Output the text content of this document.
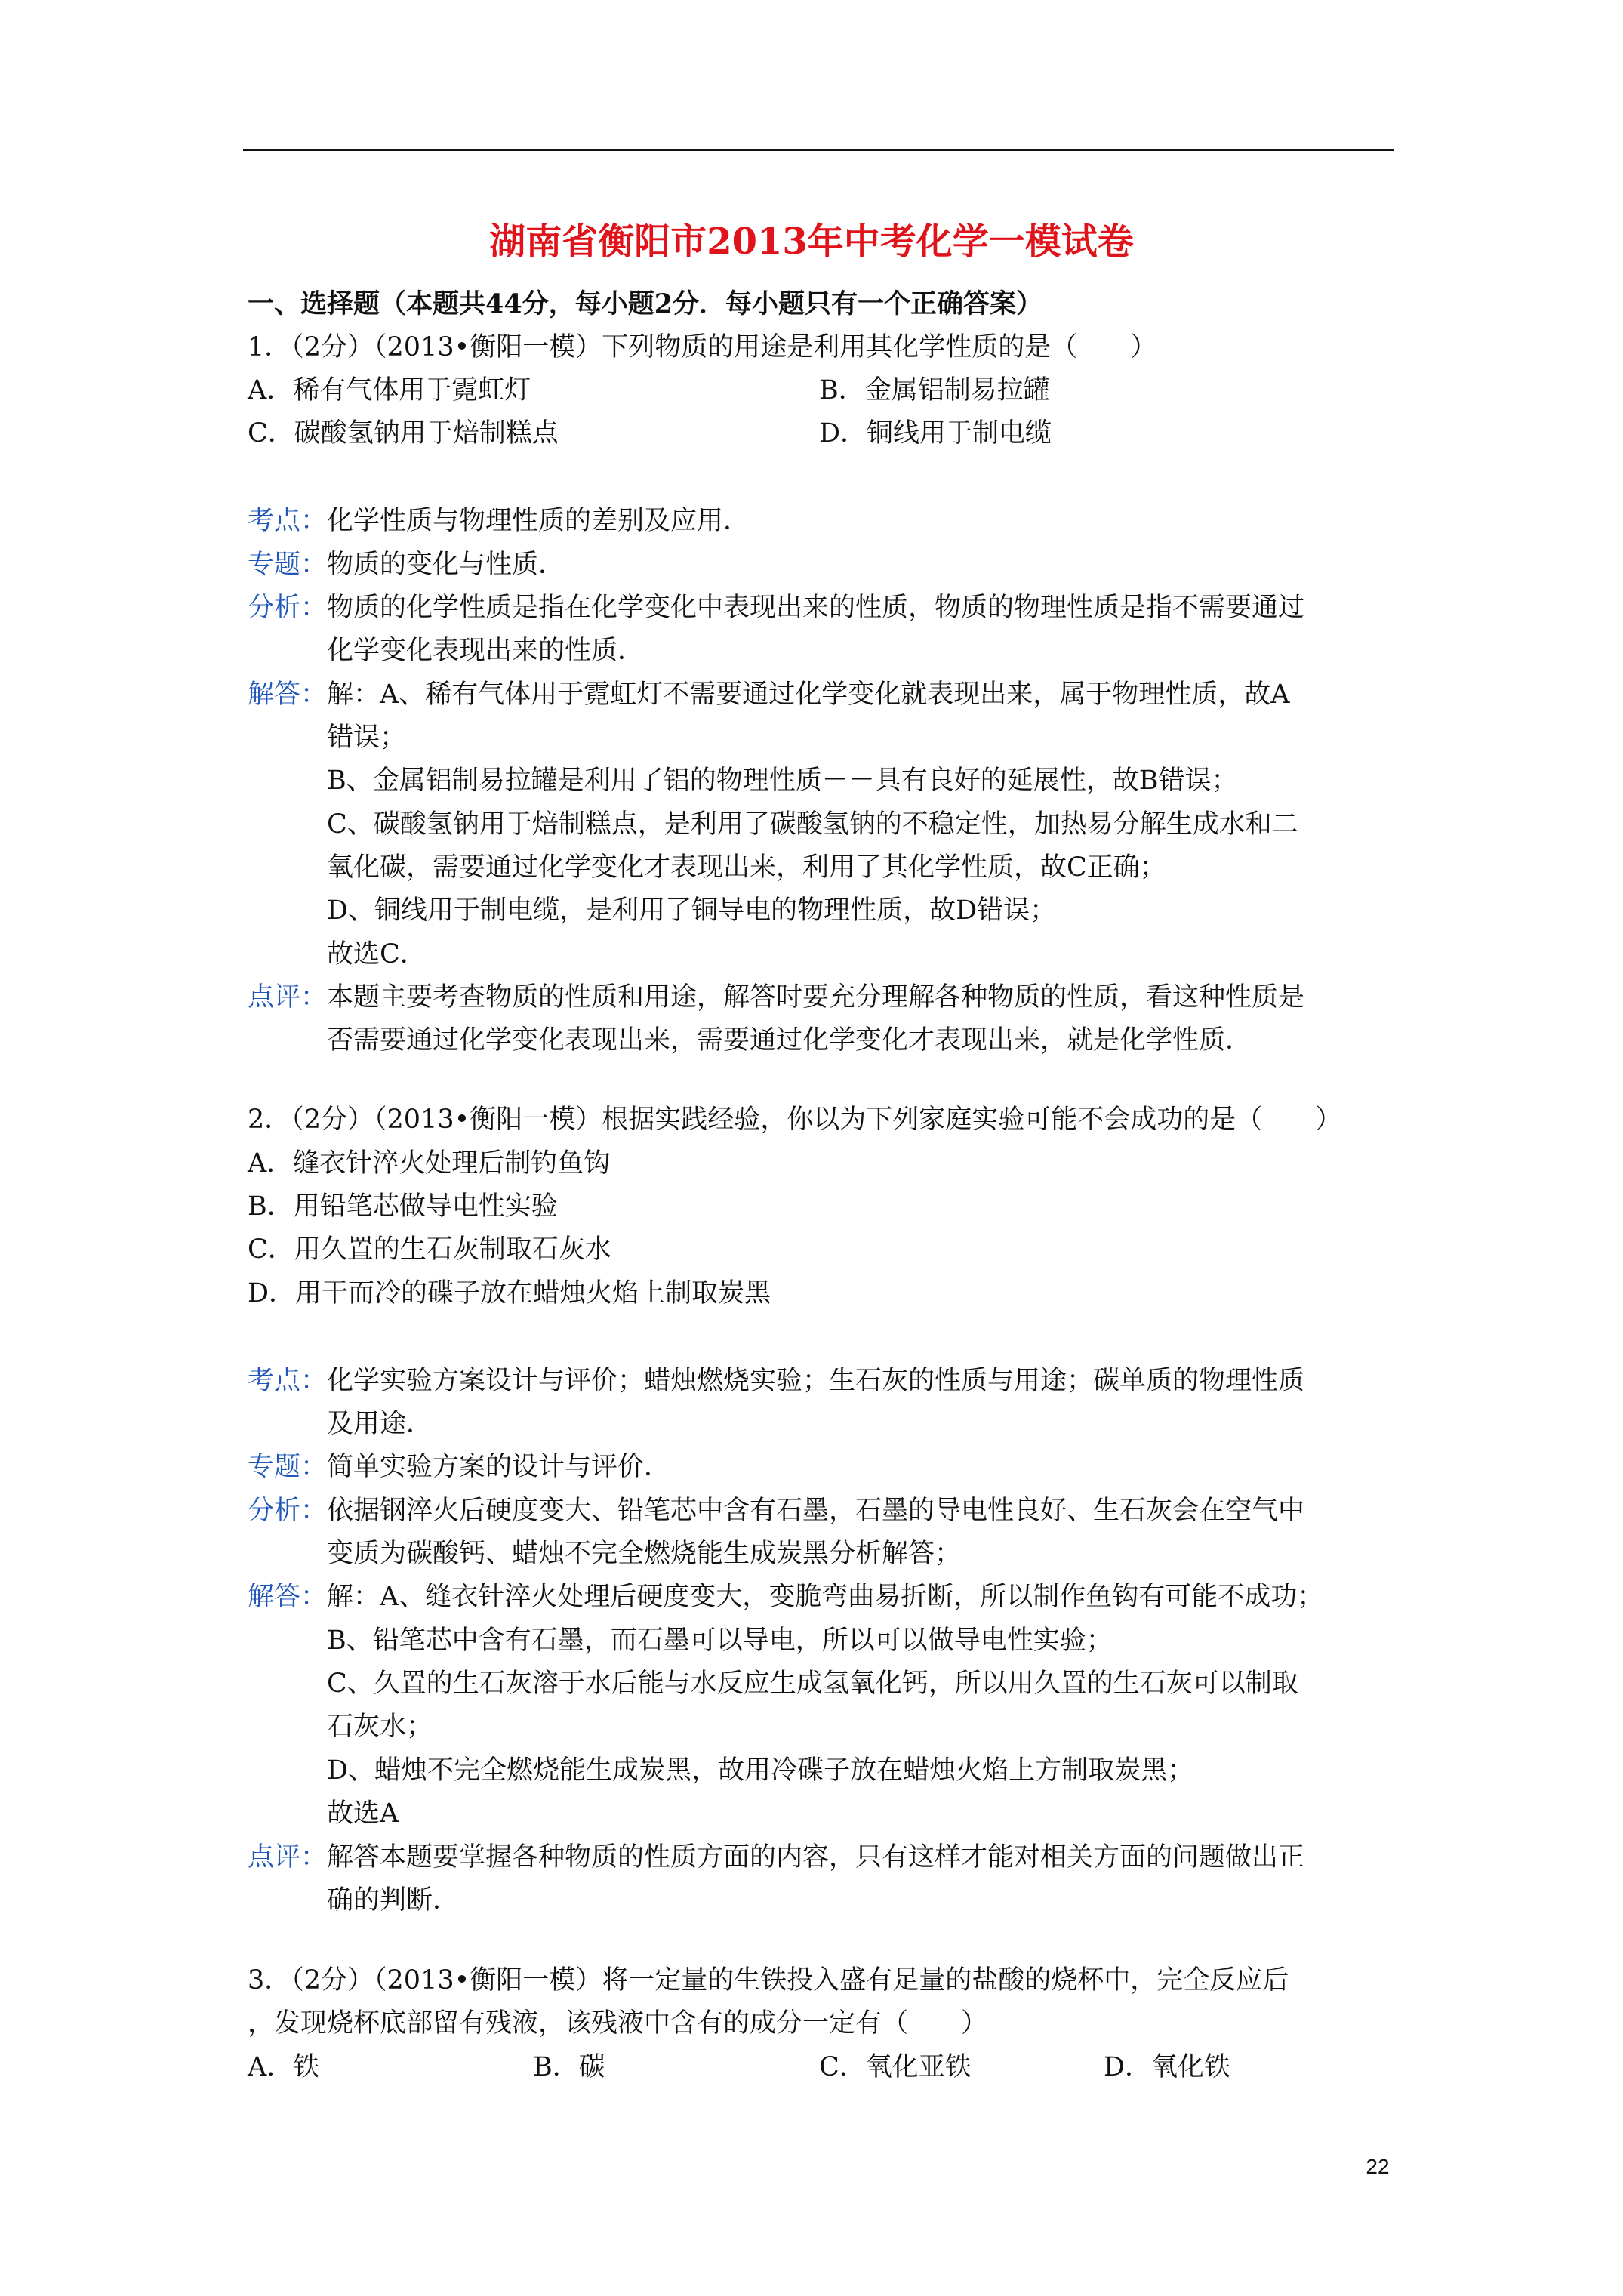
湖南省衡阳市2013年中考化学一模试卷
一、选择题（本题共44分，每小题2分．每小题只有一个正确答案）
1．（2分）（2013•衡阳一模）下列物质的用途是利用其化学性质的是（　　）
A．稀有气体用于霓虹灯	B．金属铝制易拉罐
C．碳酸氢钠用于焙制糕点	D．铜线用于制电缆
考点： 化学性质与物理性质的差别及应用．
专题： 物质的变化与性质．
分析： 物质的化学性质是指在化学变化中表现出来的性质，物质的物理性质是指不需要通过
化学变化表现出来的性质．
解答： 解：A、稀有气体用于霓虹灯不需要通过化学变化就表现出来，属于物理性质，故A
错误；
B、金属铝制易拉罐是利用了铝的物理性质－－具有良好的延展性，故B错误；
C、碳酸氢钠用于焙制糕点，是利用了碳酸氢钠的不稳定性，加热易分解生成水和二
氧化碳，需要通过化学变化才表现出来，利用了其化学性质，故C正确；
D、铜线用于制电缆，是利用了铜导电的物理性质，故D错误；
故选C．
点评： 本题主要考查物质的性质和用途，解答时要充分理解各种物质的性质，看这种性质是
否需要通过化学变化表现出来，需要通过化学变化才表现出来，就是化学性质．
2．（2分）（2013•衡阳一模）根据实践经验，你以为下列家庭实验可能不会成功的是（　　）
A．缝衣针淬火处理后制钓鱼钩
B．用铅笔芯做导电性实验
C．用久置的生石灰制取石灰水
D．用干而冷的碟子放在蜡烛火焰上制取炭黑
考点： 化学实验方案设计与评价；蜡烛燃烧实验；生石灰的性质与用途；碳单质的物理性质
及用途．
专题： 简单实验方案的设计与评价．
分析： 依据钢淬火后硬度变大、铅笔芯中含有石墨，石墨的导电性良好、生石灰会在空气中
变质为碳酸钙、蜡烛不完全燃烧能生成炭黑分析解答；
解答： 解：A、缝衣针淬火处理后硬度变大，变脆弯曲易折断，所以制作鱼钩有可能不成功；
B、铅笔芯中含有石墨，而石墨可以导电，所以可以做导电性实验；
C、久置的生石灰溶于水后能与水反应生成氢氧化钙，所以用久置的生石灰可以制取
石灰水；
D、蜡烛不完全燃烧能生成炭黑，故用冷碟子放在蜡烛火焰上方制取炭黑；
故选A
点评： 解答本题要掌握各种物质的性质方面的内容，只有这样才能对相关方面的问题做出正
确的判断．
3．（2分）（2013•衡阳一模）将一定量的生铁投入盛有足量的盐酸的烧杯中，完全反应后
，发现烧杯底部留有残液，该残液中含有的成分一定有（　　）
A．铁	B．碳	C．氧化亚铁	D．氧化铁
22
